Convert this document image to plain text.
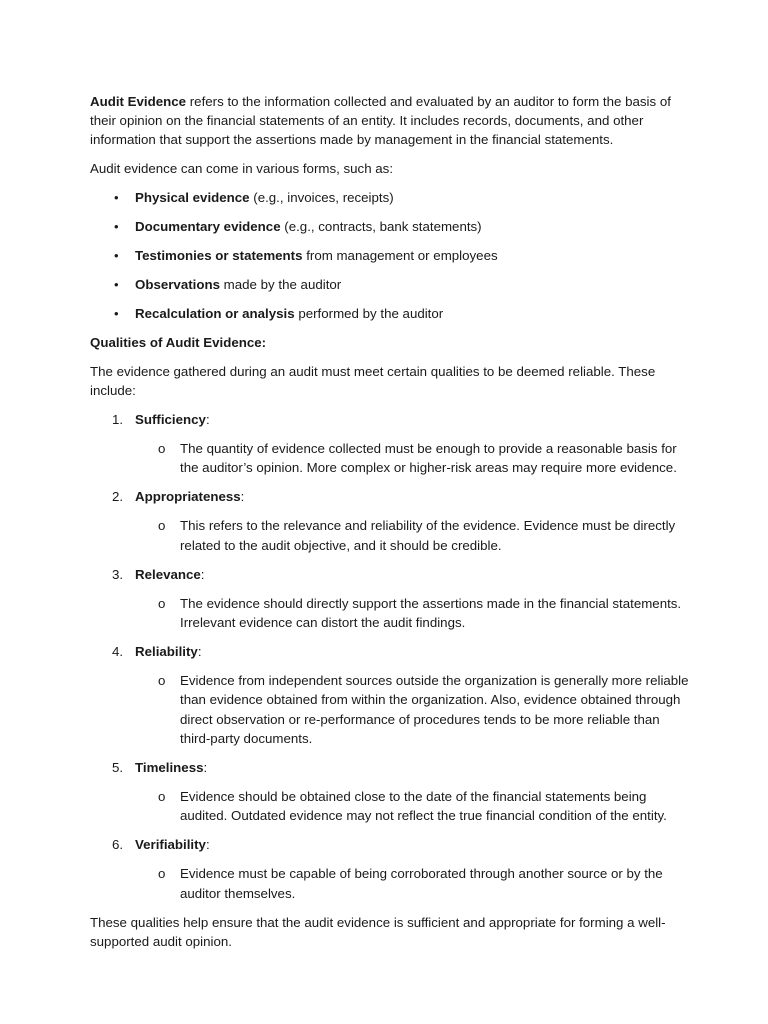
Audit Evidence refers to the information collected and evaluated by an auditor to form the basis of their opinion on the financial statements of an entity. It includes records, documents, and other information that support the assertions made by management in the financial statements.

Audit evidence can come in various forms, such as:

• Physical evidence (e.g., invoices, receipts)
• Documentary evidence (e.g., contracts, bank statements)
• Testimonies or statements from management or employees
• Observations made by the auditor
• Recalculation or analysis performed by the auditor

Qualities of Audit Evidence:

The evidence gathered during an audit must meet certain qualities to be deemed reliable. These include:

1. Sufficiency:
o The quantity of evidence collected must be enough to provide a reasonable basis for the auditor’s opinion. More complex or higher-risk areas may require more evidence.
2. Appropriateness:
o This refers to the relevance and reliability of the evidence. Evidence must be directly related to the audit objective, and it should be credible.
3. Relevance:
o The evidence should directly support the assertions made in the financial statements. Irrelevant evidence can distort the audit findings.
4. Reliability:
o Evidence from independent sources outside the organization is generally more reliable than evidence obtained from within the organization. Also, evidence obtained through direct observation or re-performance of procedures tends to be more reliable than third-party documents.
5. Timeliness:
o Evidence should be obtained close to the date of the financial statements being audited. Outdated evidence may not reflect the true financial condition of the entity.
6. Verifiability:
o Evidence must be capable of being corroborated through another source or by the auditor themselves.

These qualities help ensure that the audit evidence is sufficient and appropriate for forming a well-supported audit opinion.
